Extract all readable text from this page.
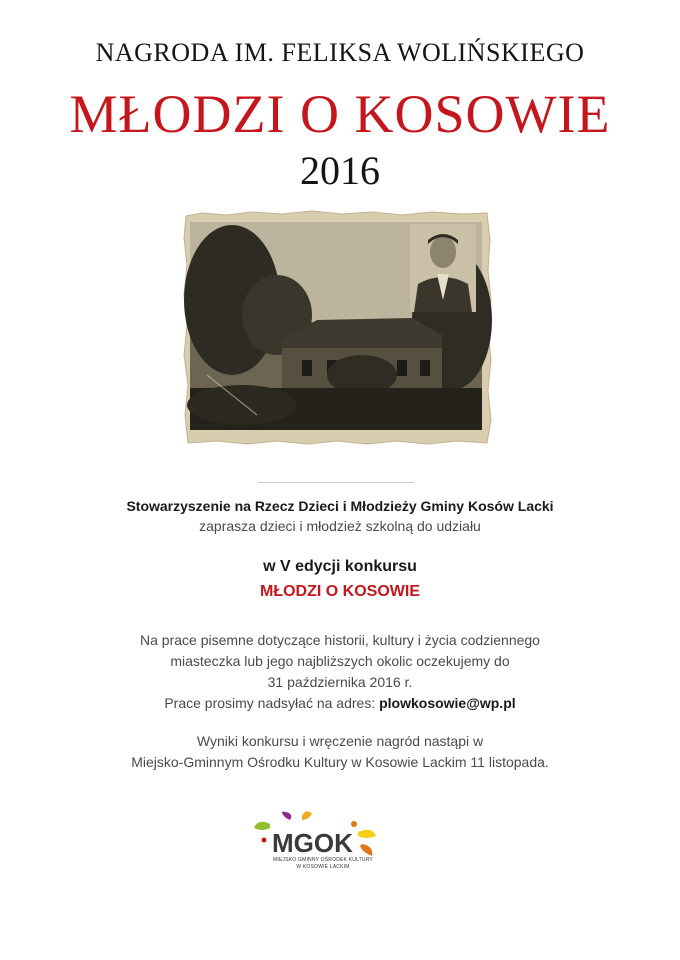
NAGRODA IM. FELIKSA WOLIŃSKIEGO
MŁODZI O KOSOWIE
2016
Stowarzyszenie na Rzecz Dzieci i Młodzieży Gminy Kosów Lacki
zaprasza dzieci i młodzież szkolną do udziału
w V edycji konkursu
MŁODZI O KOSOWIE
Na prace pisemne dotyczące historii, kultury i życia codziennego
miasteczka lub jego najbliższych okolic oczekujemy do
31 października 2016 r.
Prace prosimy nadsyłać na adres: plowkosowie@wp.pl
Wyniki konkursu i wręczenie nagród nastąpi w
Miejsko-Gminnym Ośrodku Kultury w Kosowie Lackim 11 listopada.
MGOK
MIEJSKO GMINNY OŚRODEK KULTURY
W KOSOWIE LACKIM
